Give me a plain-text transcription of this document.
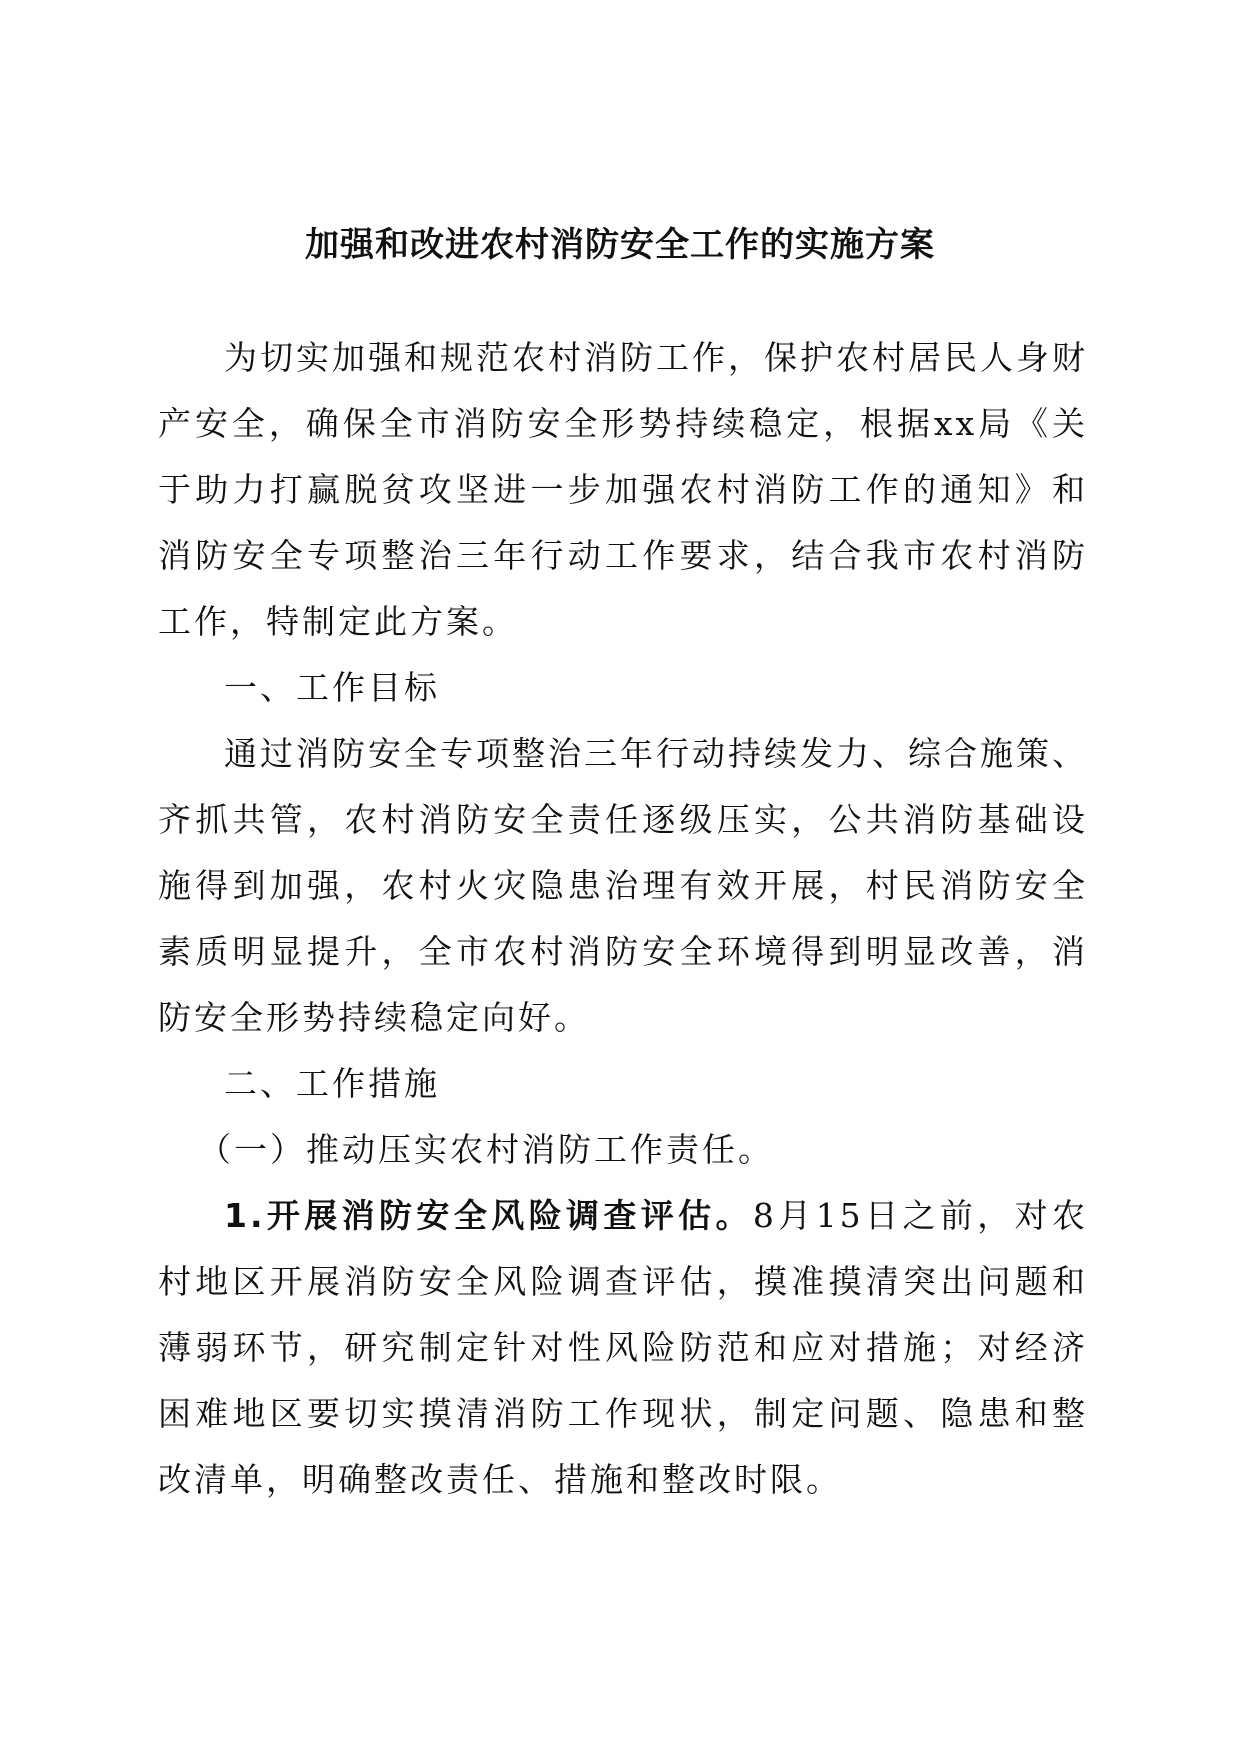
加强和改进农村消防安全工作的实施方案

为切实加强和规范农村消防工作，保护农村居民人身财产安全，确保全市消防安全形势持续稳定，根据xx局《关于助力打赢脱贫攻坚进一步加强农村消防工作的通知》和消防安全专项整治三年行动工作要求，结合我市农村消防工作，特制定此方案。

一、工作目标

通过消防安全专项整治三年行动持续发力、综合施策、齐抓共管，农村消防安全责任逐级压实，公共消防基础设施得到加强，农村火灾隐患治理有效开展，村民消防安全素质明显提升，全市农村消防安全环境得到明显改善，消防安全形势持续稳定向好。

二、工作措施

（一）推动压实农村消防工作责任。

1.开展消防安全风险调查评估。8月15日之前，对农村地区开展消防安全风险调查评估，摸准摸清突出问题和薄弱环节，研究制定针对性风险防范和应对措施；对经济困难地区要切实摸清消防工作现状，制定问题、隐患和整改清单，明确整改责任、措施和整改时限。
